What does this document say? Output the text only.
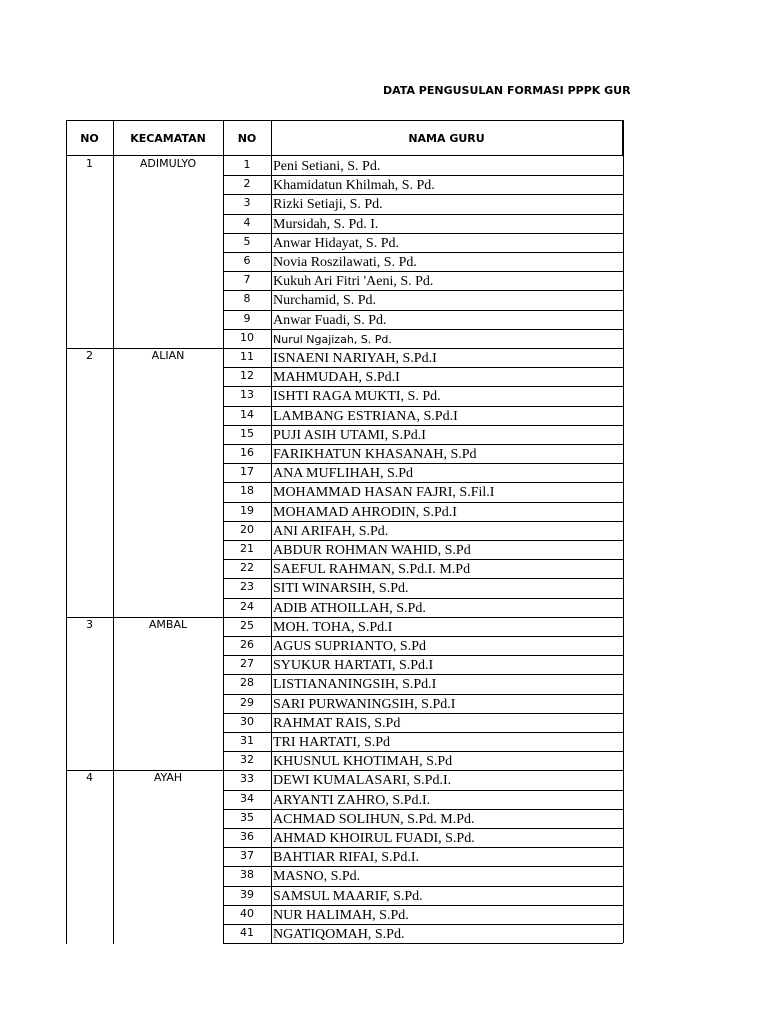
DATA PENGUSULAN FORMASI PPPK GUR
NO	KECAMATAN	NO	NAMA GURU
1	ADIMULYO	1	Peni Setiani, S. Pd.
2	Khamidatun Khilmah, S. Pd.
3	Rizki Setiaji, S. Pd.
4	Mursidah, S. Pd. I.
5	Anwar Hidayat, S. Pd.
6	Novia Roszilawati, S. Pd.
7	Kukuh Ari Fitri 'Aeni, S. Pd.
8	Nurchamid, S. Pd.
9	Anwar Fuadi, S. Pd.
10	Nurul Ngajizah, S. Pd.
2	ALIAN	11	ISNAENI NARIYAH, S.Pd.I
12	MAHMUDAH, S.Pd.I
13	ISHTI RAGA MUKTI, S. Pd.
14	LAMBANG ESTRIANA, S.Pd.I
15	PUJI ASIH UTAMI, S.Pd.I
16	FARIKHATUN KHASANAH, S.Pd
17	ANA MUFLIHAH, S.Pd
18	MOHAMMAD HASAN FAJRI, S.Fil.I
19	MOHAMAD AHRODIN, S.Pd.I
20	ANI ARIFAH, S.Pd.
21	ABDUR ROHMAN WAHID, S.Pd
22	SAEFUL RAHMAN, S.Pd.I. M.Pd
23	SITI WINARSIH, S.Pd.
24	ADIB ATHOILLAH, S.Pd.
3	AMBAL	25	MOH. TOHA, S.Pd.I
26	AGUS SUPRIANTO, S.Pd
27	SYUKUR HARTATI, S.Pd.I
28	LISTIANANINGSIH, S.Pd.I
29	SARI PURWANINGSIH, S.Pd.I
30	RAHMAT RAIS, S.Pd
31	TRI HARTATI, S.Pd
32	KHUSNUL KHOTIMAH, S.Pd
4	AYAH	33	DEWI KUMALASARI, S.Pd.I.
34	ARYANTI ZAHRO, S.Pd.I.
35	ACHMAD SOLIHUN, S.Pd. M.Pd.
36	AHMAD KHOIRUL FUADI, S.Pd.
37	BAHTIAR RIFAI, S.Pd.I.
38	MASNO, S.Pd.
39	SAMSUL MAARIF, S.Pd.
40	NUR HALIMAH, S.Pd.
41	NGATIQOMAH, S.Pd.
